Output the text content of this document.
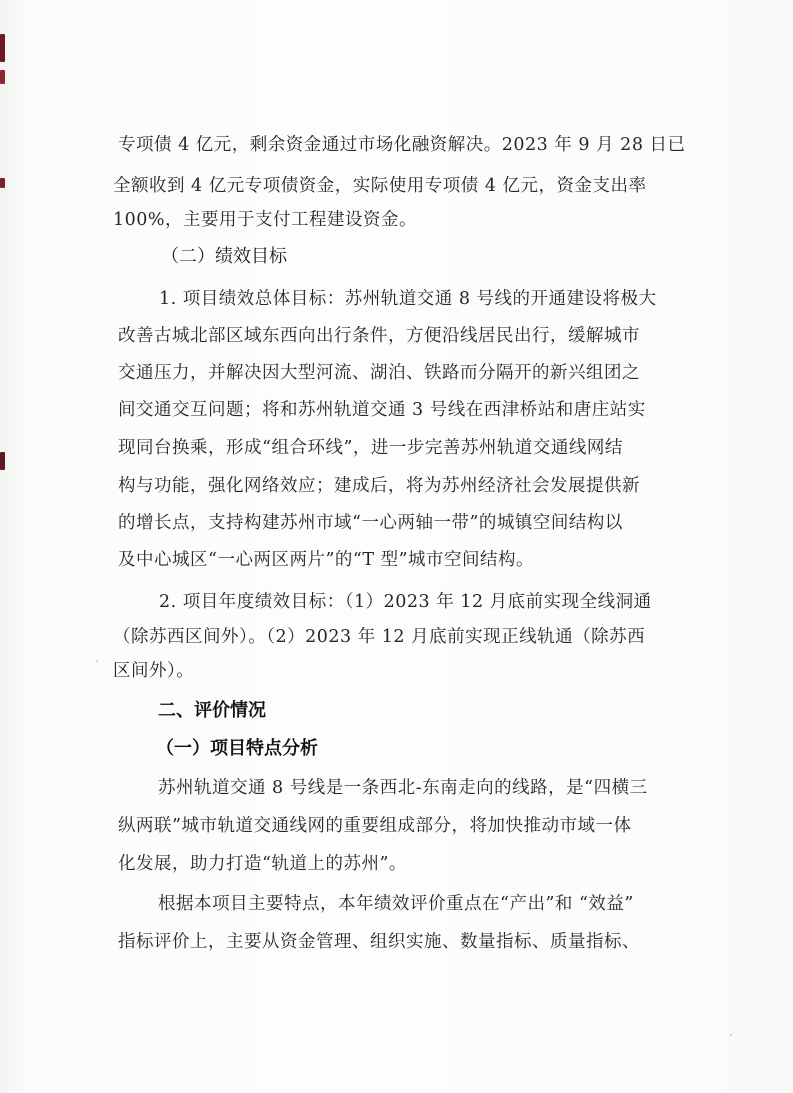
专项债 4 亿元，剩余资金通过市场化融资解决。2023 年 9 月 28 日已
全额收到 4 亿元专项债资金，实际使用专项债 4 亿元，资金支出率
100%，主要用于支付工程建设资金。
（二）绩效目标
1. 项目绩效总体目标：苏州轨道交通 8 号线的开通建设将极大
改善古城北部区域东西向出行条件，方便沿线居民出行，缓解城市
交通压力，并解决因大型河流、湖泊、铁路而分隔开的新兴组团之
间交通交互问题；将和苏州轨道交通 3 号线在西津桥站和唐庄站实
现同台换乘，形成“组合环线”，进一步完善苏州轨道交通线网结
构与功能，强化网络效应；建成后，将为苏州经济社会发展提供新
的增长点，支持构建苏州市域“一心两轴一带”的城镇空间结构以
及中心城区“一心两区两片”的“T 型”城市空间结构。
2. 项目年度绩效目标：（1）2023 年 12 月底前实现全线洞通
（除苏西区间外）。（2）2023 年 12 月底前实现正线轨通（除苏西
区间外）。
二、评价情况
（一）项目特点分析
苏州轨道交通 8 号线是一条西北-东南走向的线路，是“四横三
纵两联”城市轨道交通线网的重要组成部分，将加快推动市域一体
化发展，助力打造“轨道上的苏州”。
根据本项目主要特点，本年绩效评价重点在“产出”和 “效益”
指标评价上，主要从资金管理、组织实施、数量指标、质量指标、
